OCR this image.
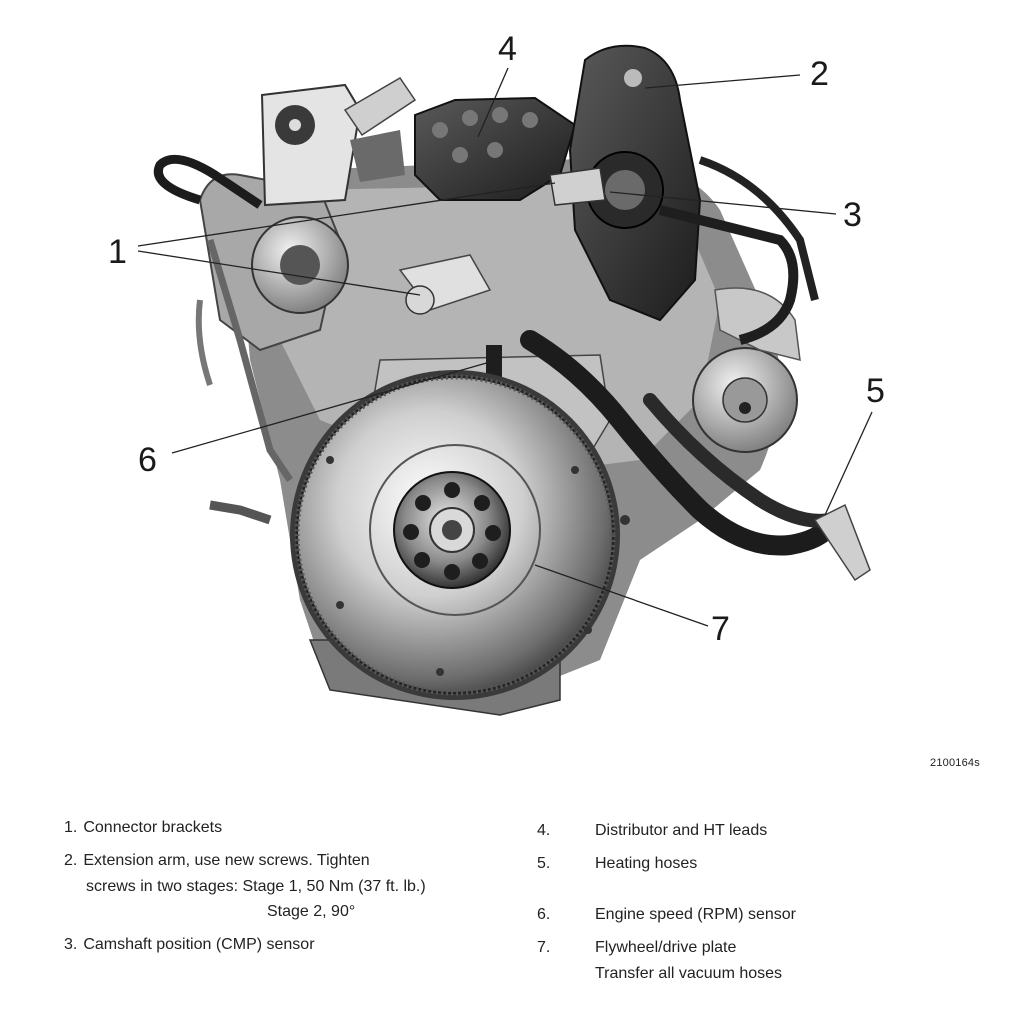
1
2
3
4
5
6
7
2100164s
1. Connector brackets
2. Extension arm, use new screws. Tighten
screws in two stages: Stage 1, 50 Nm (37 ft. lb.)
Stage 2, 90°
3. Camshaft position (CMP) sensor
4.	Distributor and HT leads
5.	Heating hoses
6.	Engine speed (RPM) sensor
7.	Flywheel/drive plate
Transfer all vacuum hoses
